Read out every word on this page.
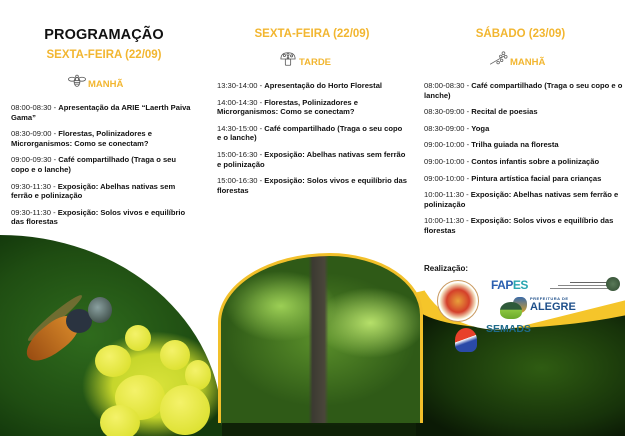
PROGRAMAÇÃO
SEXTA-FEIRA (22/09)
MANHÃ
08:00-08:30 - Apresentação da ARIE “Laerth Paiva Gama”
08:30-09:00 - Florestas, Polinizadores e Microrganismos: Como se conectam?
09:00-09:30 - Café compartilhado (Traga o seu copo e o lanche)
09:30-11:30 - Exposição: Abelhas nativas sem ferrão e polinização
09:30-11:30 - Exposição: Solos vivos e equilíbrio das florestas
SEXTA-FEIRA (22/09)
TARDE
13:30-14:00 - Apresentação do Horto Florestal
14:00-14:30 - Florestas, Polinizadores e Microrganismos: Como se conectam?
14:30-15:00 - Café compartilhado (Traga o seu copo e o lanche)
15:00-16:30 - Exposição: Abelhas nativas sem ferrão e polinização
15:00-16:30 - Exposição: Solos vivos e equilíbrio das florestas
SÁBADO (23/09)
MANHÃ
08:00-08:30 - Café compartilhado (Traga o seu copo e o lanche)
08:30-09:00 - Recital de poesias
08:30-09:00 - Yoga
09:00-10:00 - Trilha guiada na floresta
09:00-10:00 - Contos infantis sobre a polinização
09:00-10:00 - Pintura artística facial para crianças
10:00-11:30 - Exposição: Abelhas nativas sem ferrão e polinização
10:00-11:30 - Exposição: Solos vivos e equilíbrio das florestas
Realização:
FAP ES
PREFEITURA DE
ALEGRE
SEMADS
